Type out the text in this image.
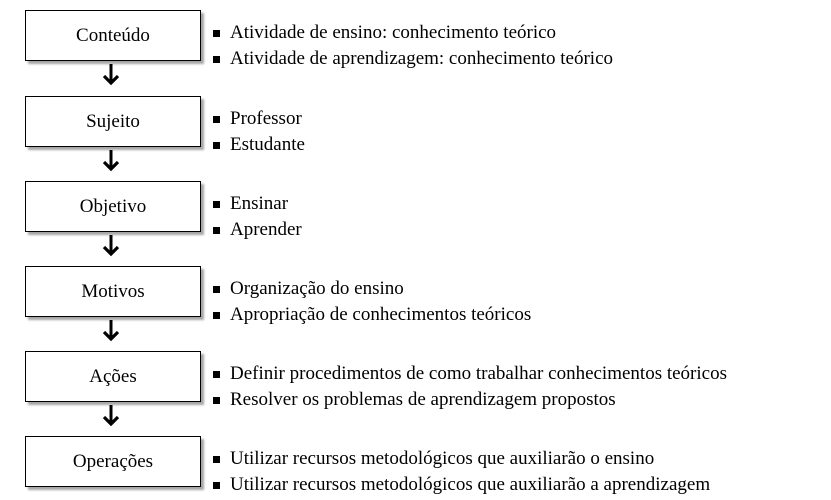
Conteúdo	Atividade de ensino: conhecimento teórico
Atividade de aprendizagem: conhecimento teórico
Sujeito	Professor
Estudante
Objetivo	Ensinar
Aprender
Motivos	Organização do ensino
Apropriação de conhecimentos teóricos
Ações	Definir procedimentos de como trabalhar conhecimentos teóricos
Resolver os problemas de aprendizagem propostos
Operações	Utilizar recursos metodológicos que auxiliarão o ensino
Utilizar recursos metodológicos que auxiliarão a aprendizagem
